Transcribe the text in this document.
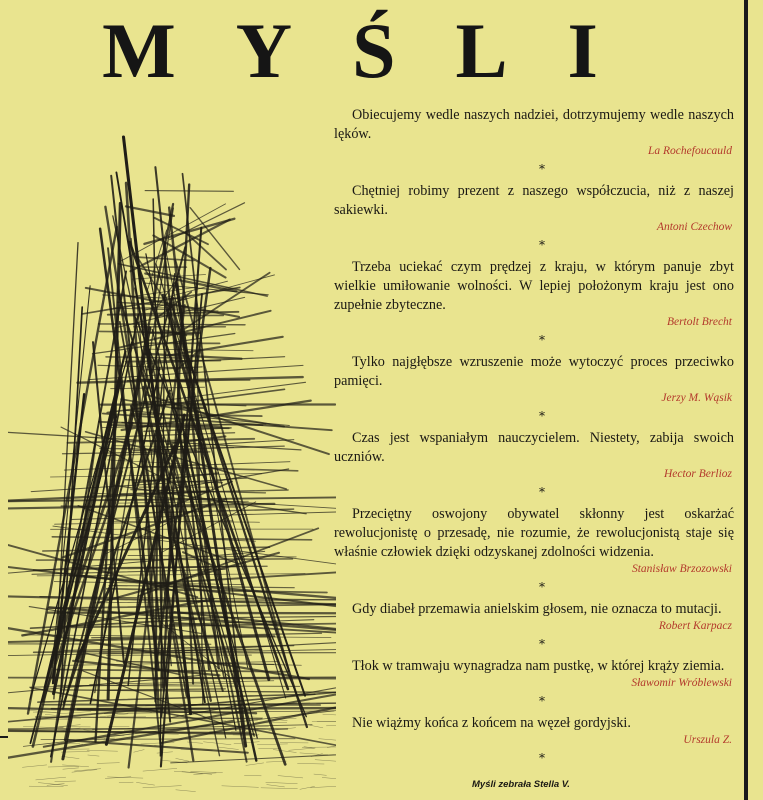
MYŚLI
Obiecujemy wedle naszych nadziei, dotrzymujemy wedle naszych lęków.
La Rochefoucauld
*
Chętniej robimy prezent z naszego współczucia, niż z naszej sakiewki.
Antoni Czechow
*
Trzeba uciekać czym prędzej z kraju, w którym panuje zbyt wielkie umiłowanie wolności. W lepiej położonym kraju jest ono zupełnie zbyteczne.
Bertolt Brecht
*
Tylko najgłębsze wzruszenie może wytoczyć proces przeciwko pamięci.
Jerzy M. Wąsik
*
Czas jest wspaniałym nauczycielem. Niestety, zabija swoich uczniów.
Hector Berlioz
*
Przeciętny oswojony obywatel skłonny jest oskarżać rewolucjonistę o przesadę, nie rozumie, że rewolucjonistą staje się właśnie człowiek dzięki odzyskanej zdolności widzenia.
Stanisław Brzozowski
*
Gdy diabeł przemawia anielskim głosem, nie oznacza to mutacji.
Robert Karpacz
*
Tłok w tramwaju wynagradza nam pustkę, w której krąży ziemia.
Sławomir Wróblewski
*
Nie wiążmy końca z końcem na węzeł gordyjski.
Urszula Z.
*
Myśli zebrała Stella V.
